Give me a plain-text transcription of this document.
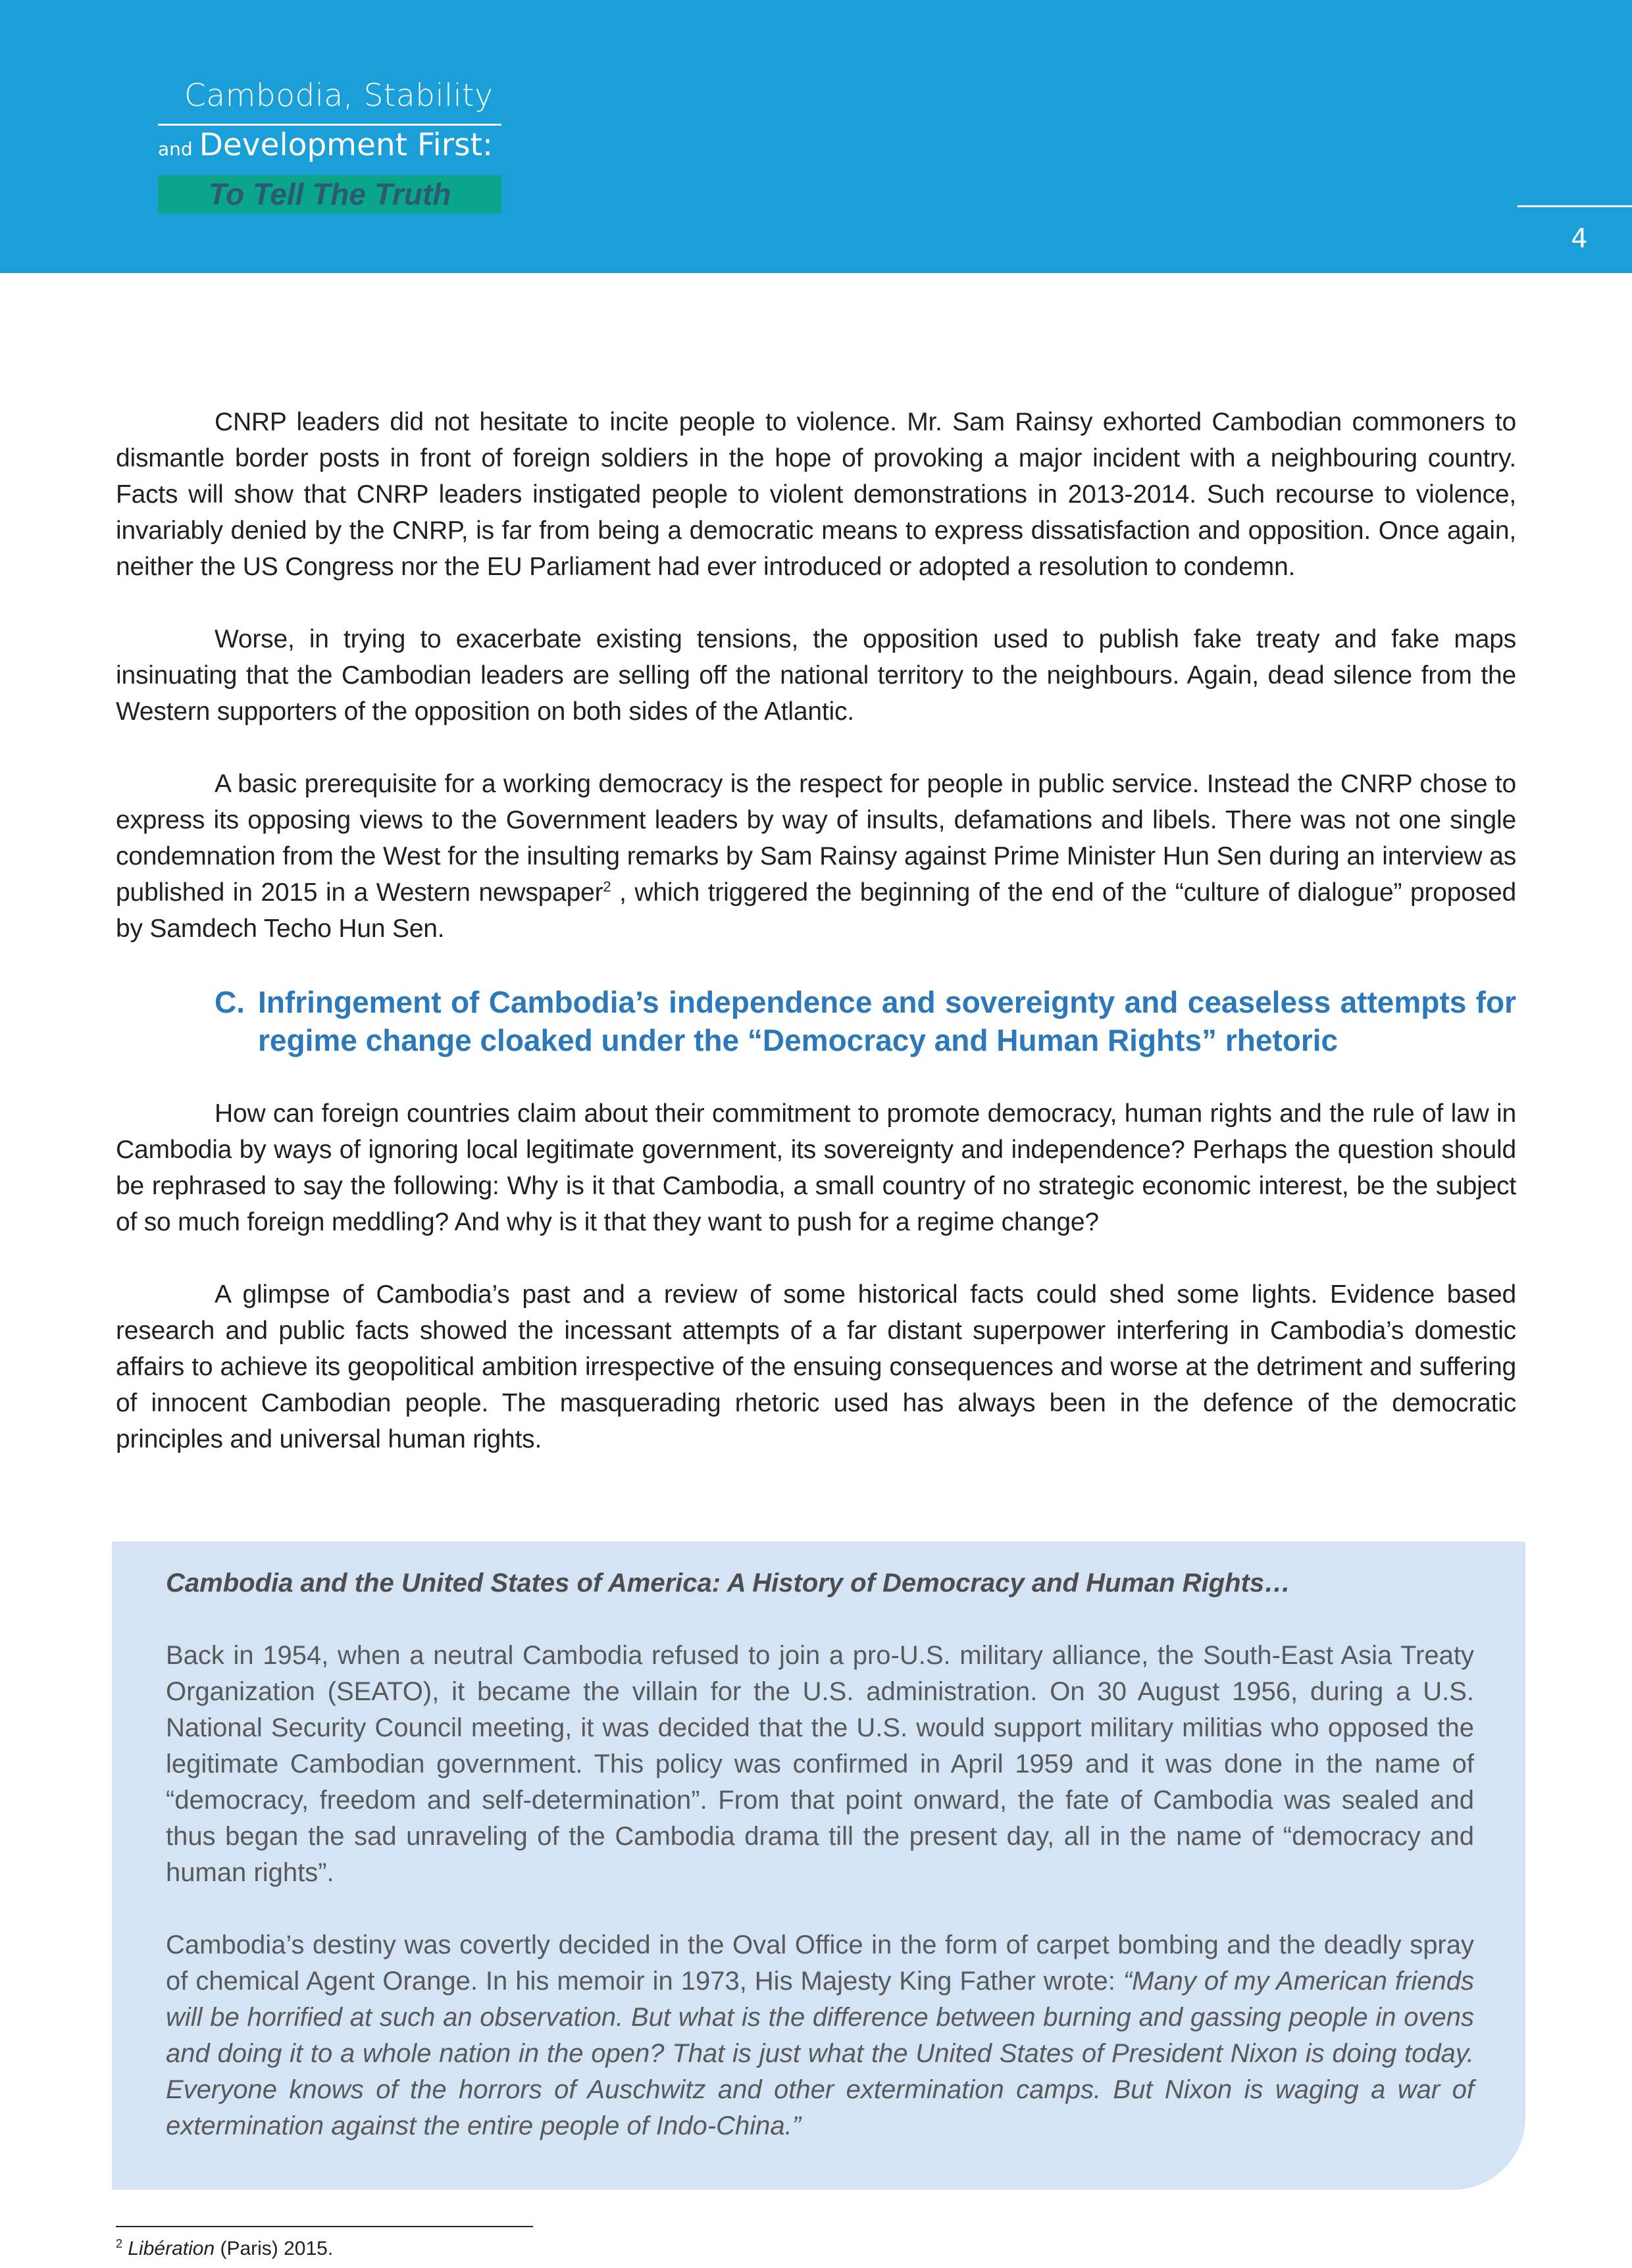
Cambodia, Stability
and Development First:
To Tell The Truth
4

CNRP leaders did not hesitate to incite people to violence. Mr. Sam Rainsy exhorted Cambodian commoners to dismantle border posts in front of foreign soldiers in the hope of provoking a major incident with a neighbouring country. Facts will show that CNRP leaders instigated people to violent demonstrations in 2013-2014. Such recourse to violence, invariably denied by the CNRP, is far from being a democratic means to express dissatisfaction and opposition. Once again, neither the US Congress nor the EU Parliament had ever introduced or adopted a resolution to condemn.

Worse, in trying to exacerbate existing tensions, the opposition used to publish fake treaty and fake maps insinuating that the Cambodian leaders are selling off the national territory to the neighbours. Again, dead silence from the Western supporters of the opposition on both sides of the Atlantic.

A basic prerequisite for a working democracy is the respect for people in public service. Instead the CNRP chose to express its opposing views to the Government leaders by way of insults, defamations and libels. There was not one single condemnation from the West for the insulting remarks by Sam Rainsy against Prime Minister Hun Sen during an interview as published in 2015 in a Western newspaper$^2$ , which triggered the beginning of the end of the “culture of dialogue” proposed by Samdech Techo Hun Sen.

C. Infringement of Cambodia’s independence and sovereignty and ceaseless attempts for regime change cloaked under the “Democracy and Human Rights” rhetoric

How can foreign countries claim about their commitment to promote democracy, human rights and the rule of law in Cambodia by ways of ignoring local legitimate government, its sovereignty and independence? Perhaps the question should be rephrased to say the following: Why is it that Cambodia, a small country of no strategic economic interest, be the subject of so much foreign meddling? And why is it that they want to push for a regime change?

A glimpse of Cambodia’s past and a review of some historical facts could shed some lights. Evidence based research and public facts showed the incessant attempts of a far distant superpower interfering in Cambodia’s domestic affairs to achieve its geopolitical ambition irrespective of the ensuing consequences and worse at the detriment and suffering of innocent Cambodian people. The masquerading rhetoric used has always been in the defence of the democratic principles and universal human rights.

Cambodia and the United States of America: A History of Democracy and Human Rights…

Back in 1954, when a neutral Cambodia refused to join a pro-U.S. military alliance, the South-East Asia Treaty Organization (SEATO), it became the villain for the U.S. administration. On 30 August 1956, during a U.S. National Security Council meeting, it was decided that the U.S. would support military militias who opposed the legitimate Cambodian government. This policy was confirmed in April 1959 and it was done in the name of “democracy, freedom and self-determination”. From that point onward, the fate of Cambodia was sealed and thus began the sad unraveling of the Cambodia drama till the present day, all in the name of “democracy and human rights”.

Cambodia’s destiny was covertly decided in the Oval Office in the form of carpet bombing and the deadly spray of chemical Agent Orange. In his memoir in 1973, His Majesty King Father wrote: “Many of my American friends will be horrified at such an observation. But what is the difference between burning and gassing people in ovens and doing it to a whole nation in the open? That is just what the United States of President Nixon is doing today. Everyone knows of the horrors of Auschwitz and other extermination camps. But Nixon is waging a war of extermination against the entire people of Indo-China.”

$^2$ Libération (Paris) 2015.
